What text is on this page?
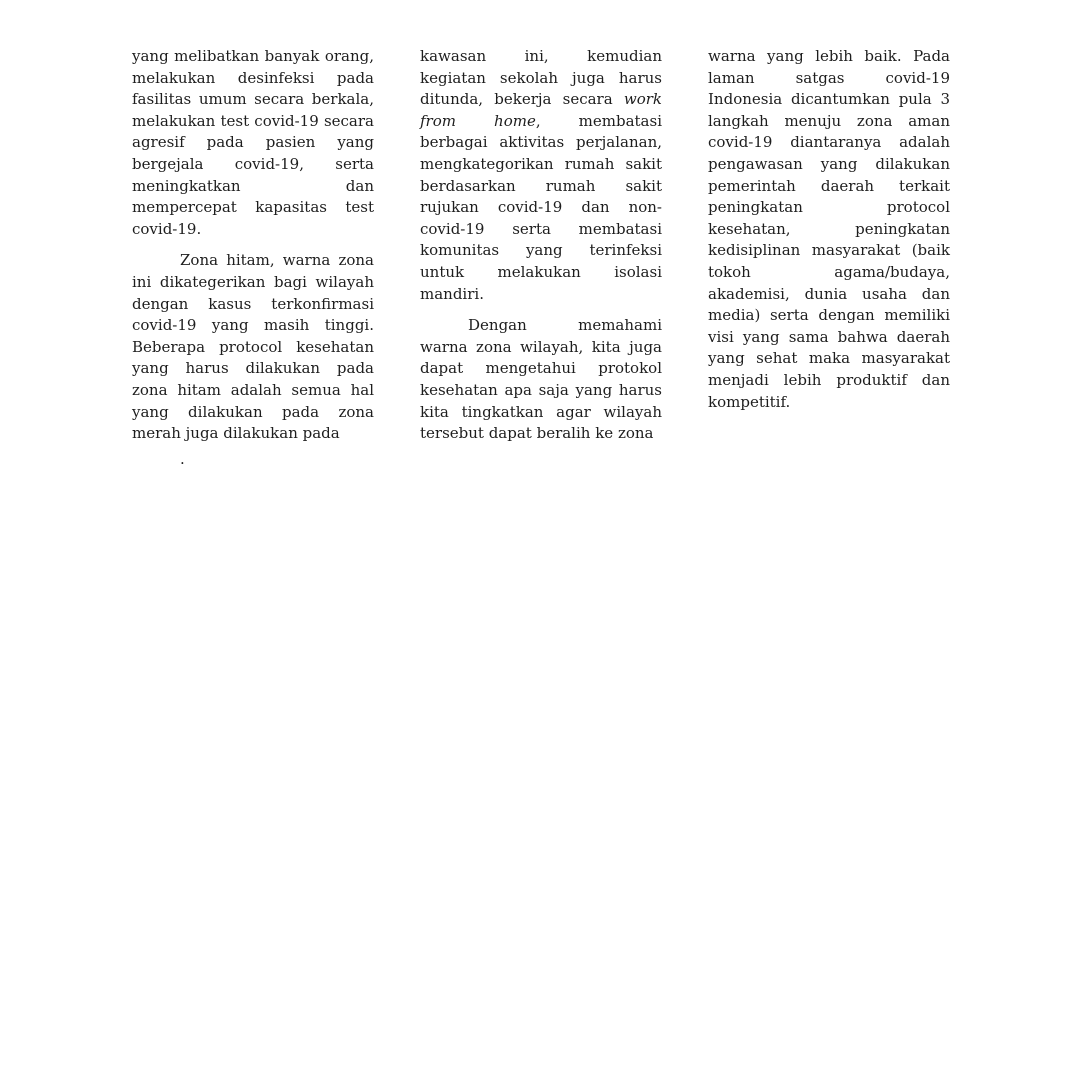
yang melibatkan banyak orang, melakukan desinfeksi pada fasilitas umum secara berkala, melakukan test covid-19 secara agresif pada pasien yang bergejala covid-19, serta meningkatkan dan mempercepat kapasitas test covid-19.

Zona hitam, warna zona ini dikategerikan bagi wilayah dengan kasus terkonfirmasi covid-19 yang masih tinggi. Beberapa protocol kesehatan yang harus dilakukan pada zona hitam adalah semua hal yang dilakukan pada zona merah juga dilakukan pada

kawasan ini, kemudian kegiatan sekolah juga harus ditunda, bekerja secara work from home, membatasi berbagai aktivitas perjalanan, mengkategorikan rumah sakit berdasarkan rumah sakit rujukan covid-19 dan non-covid-19 serta membatasi komunitas yang terinfeksi untuk melakukan isolasi mandiri.

Dengan memahami warna zona wilayah, kita juga dapat mengetahui protokol kesehatan apa saja yang harus kita tingkatkan agar wilayah tersebut dapat beralih ke zona

warna yang lebih baik. Pada laman satgas covid-19 Indonesia dicantumkan pula 3 langkah menuju zona aman covid-19 diantaranya adalah pengawasan yang dilakukan pemerintah daerah terkait peningkatan protocol kesehatan, peningkatan kedisiplinan masyarakat (baik tokoh agama/budaya, akademisi, dunia usaha dan media) serta dengan memiliki visi yang sama bahwa daerah yang sehat maka masyarakat menjadi lebih produktif dan kompetitif.

.
